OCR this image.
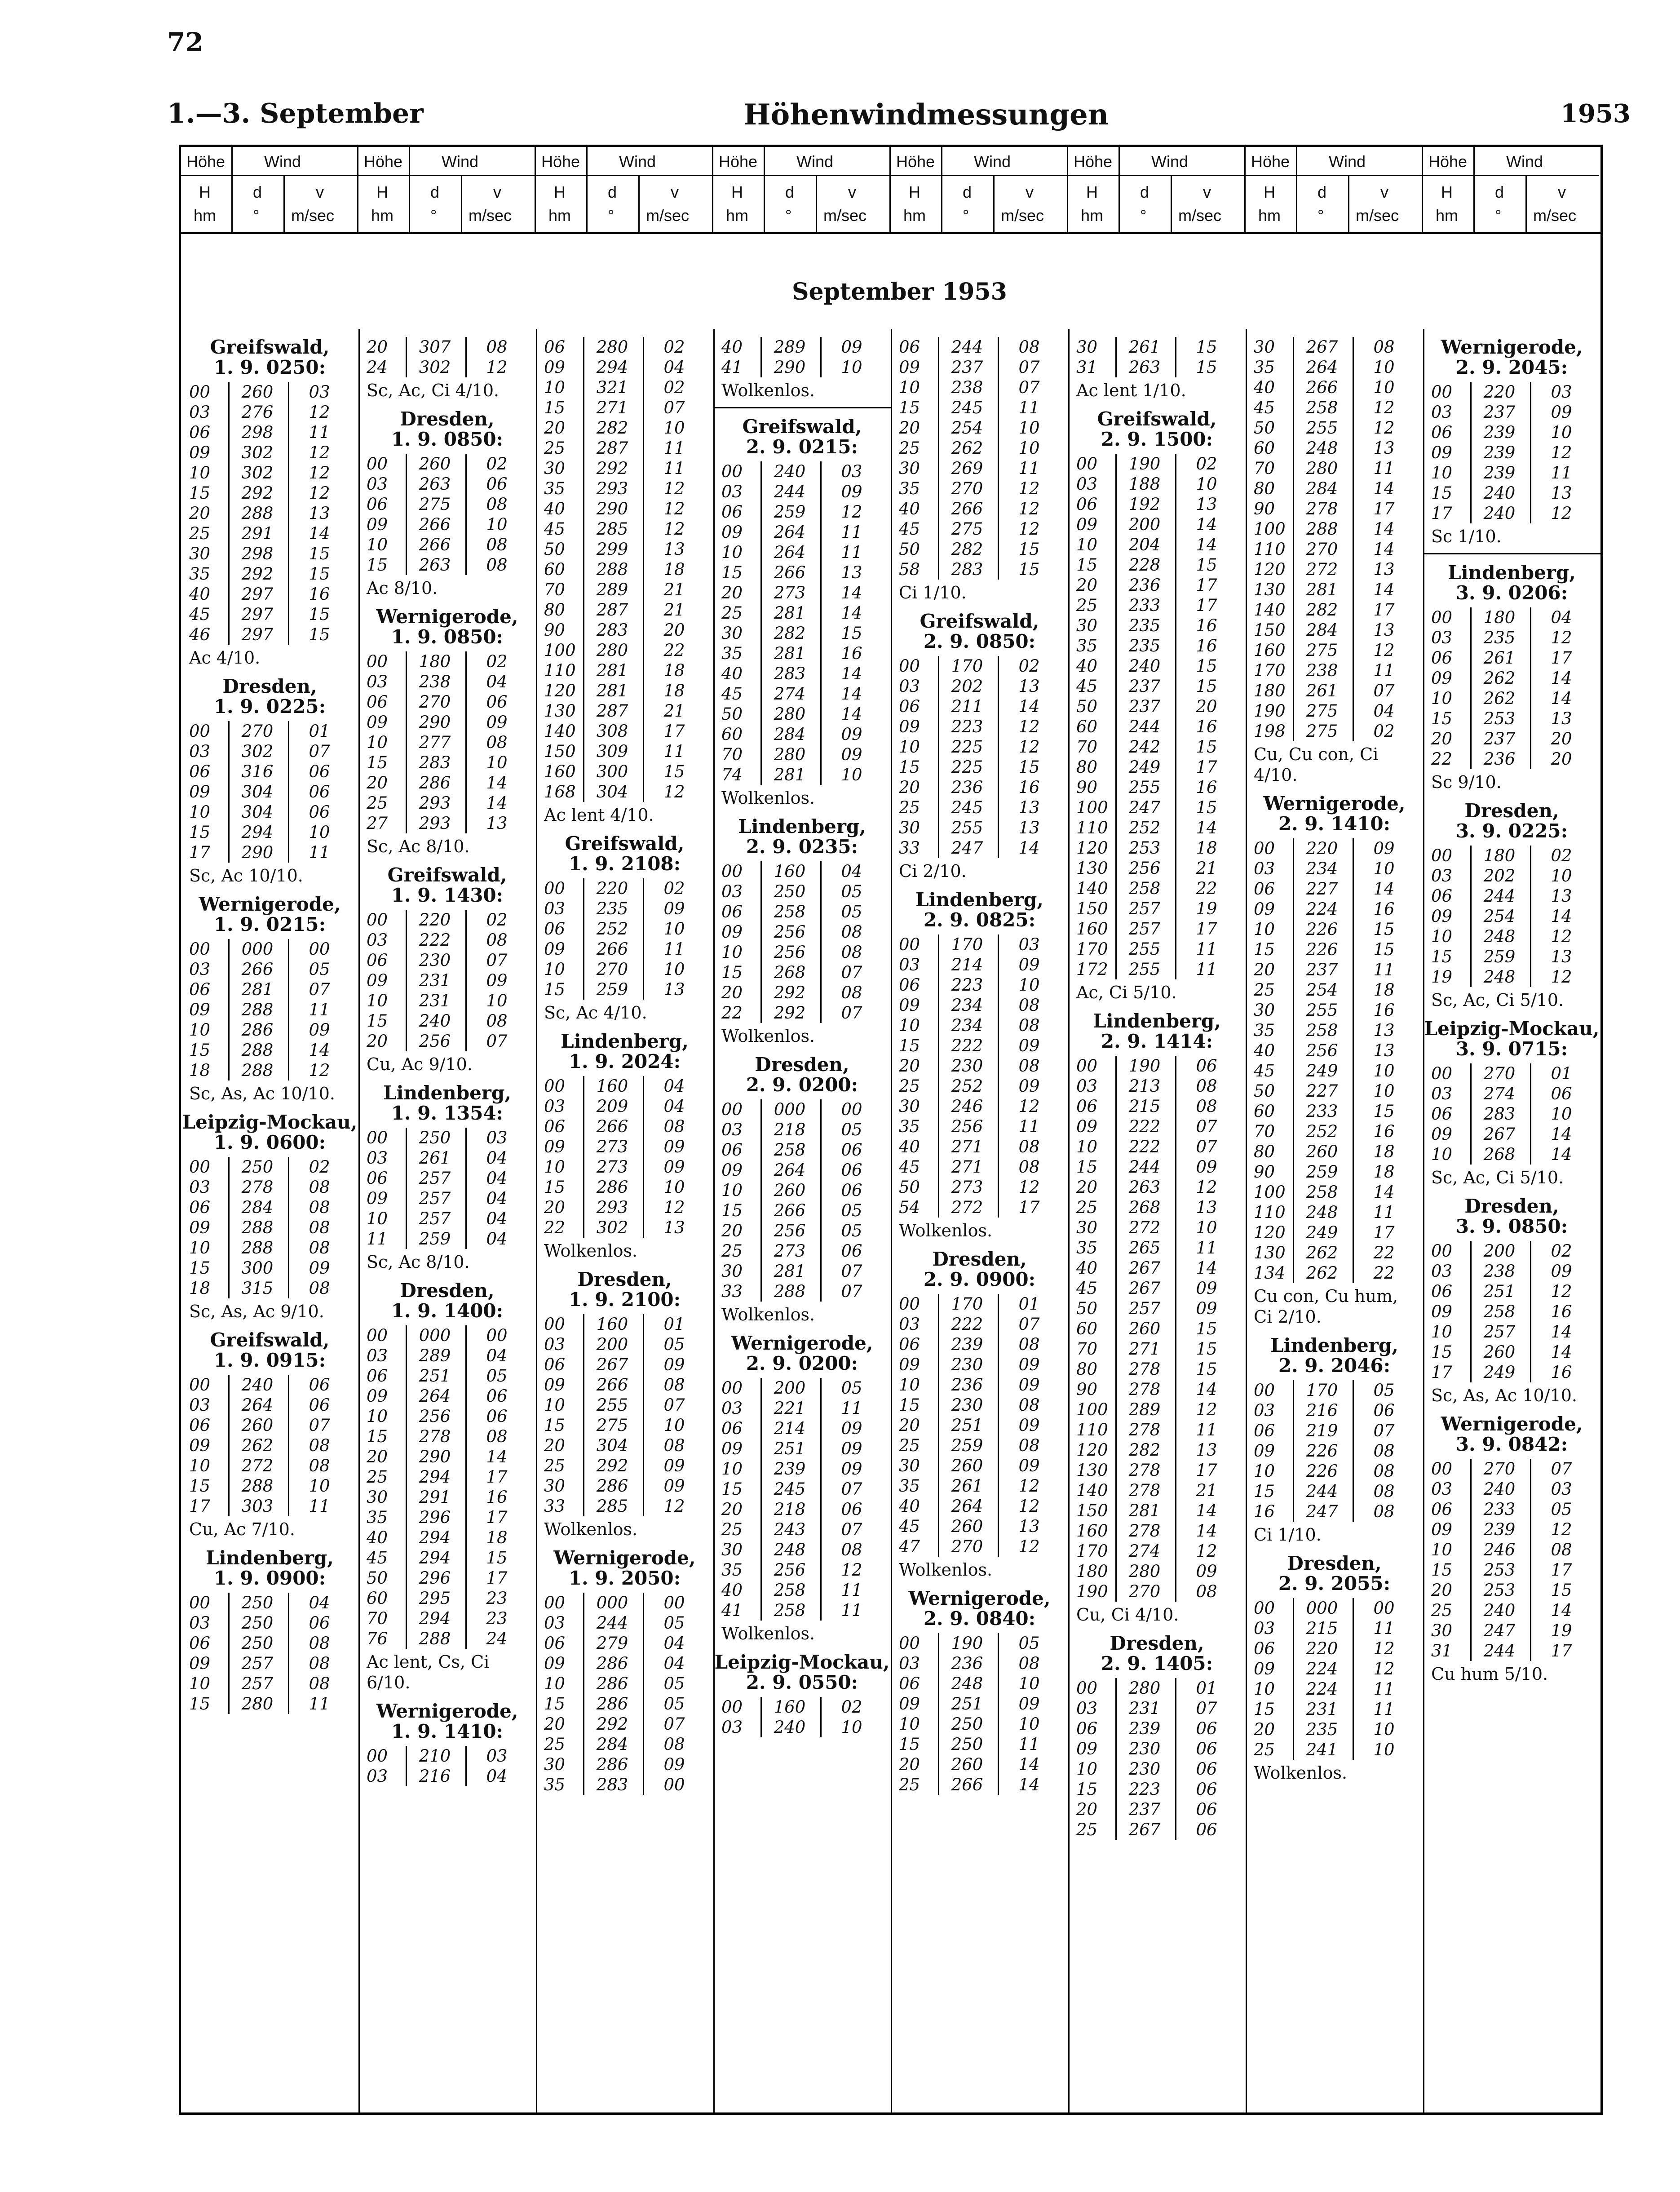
72
1.—3. September	Höhenwindmessungen	1953
Höhe Wind
H	d	v
hm ° m/sec
Höhe Wind
H	d	v
hm ° m/sec
Höhe Wind
H	d	v
hm ° m/sec
Höhe Wind
H	d	v
hm ° m/sec
Höhe Wind
H	d	v
hm ° m/sec
Höhe Wind
H	d	v
hm ° m/sec
Höhe Wind
H	d	v
hm ° m/sec
Höhe Wind
H	d	v
hm ° m/sec
September 1953
Greifswald,
1. 9. 0250:
00	260	03
03	276	12
06	298	11
09	302	12
10	302	12
15	292	12
20	288	13
25	291	14
30	298	15
35	292	15
40	297	16
45	297	15
46	297	15
Ac 4/10.
Dresden,
1. 9. 0225:
00	270	01
03	302	07
06	316	06
09	304	06
10	304	06
15	294	10
17	290	11
Sc, Ac 10/10.
Wernigerode,
1. 9. 0215:
00	000	00
03	266	05
06	281	07
09	288	11
10	286	09
15	288	14
18	288	12
Sc, As, Ac 10/10.
Leipzig-Mockau,
1. 9. 0600:
00	250	02
03	278	08
06	284	08
09	288	08
10	288	08
15	300	09
18	315	08
Sc, As, Ac 9/10.
Greifswald,
1. 9. 0915:
00	240	06
03	264	06
06	260	07
09	262	08
10	272	08
15	288	10
17	303	11
Cu, Ac 7/10.
Lindenberg,
1. 9. 0900:
00	250	04
03	250	06
06	250	08
09	257	08
10	257	08
15	280	11
20	307	08
24	302	12
Sc, Ac, Ci 4/10.
Dresden,
1. 9. 0850:
00	260	02
03	263	06
06	275	08
09	266	10
10	266	08
15	263	08
Ac 8/10.
Wernigerode,
1. 9. 0850:
00	180	02
03	238	04
06	270	06
09	290	09
10	277	08
15	283	10
20	286	14
25	293	14
27	293	13
Sc, Ac 8/10.
Greifswald,
1. 9. 1430:
00	220	02
03	222	08
06	230	07
09	231	09
10	231	10
15	240	08
20	256	07
Cu, Ac 9/10.
Lindenberg,
1. 9. 1354:
00	250	03
03	261	04
06	257	04
09	257	04
10	257	04
11	259	04
Sc, Ac 8/10.
Dresden,
1. 9. 1400:
00	000	00
03	289	04
06	251	05
09	264	06
10	256	06
15	278	08
20	290	14
25	294	17
30	291	16
35	296	17
40	294	18
45	294	15
50	296	17
60	295	23
70	294	23
76	288	24
Ac lent, Cs, Ci 6/10.
Wernigerode,
1. 9. 1410:
00	210	03
03	216	04
06	280	02
09	294	04
10	321	02
15	271	07
20	282	10
25	287	11
30	292	11
35	293	12
40	290	12
45	285	12
50	299	13
60	288	18
70	289	21
80	287	21
90	283	20
100	280	22
110	281	18
120	281	18
130	287	21
140	308	17
150	309	11
160	300	15
168	304	12
Ac lent 4/10.
Greifswald,
1. 9. 2108:
00	220	02
03	235	09
06	252	10
09	266	11
10	270	10
15	259	13
Sc, Ac 4/10.
Lindenberg,
1. 9. 2024:
00	160	04
03	209	04
06	266	08
09	273	09
10	273	09
15	286	10
20	293	12
22	302	13
Wolkenlos.
Dresden,
1. 9. 2100:
00	160	01
03	200	05
06	267	09
09	266	08
10	255	07
15	275	10
20	304	08
25	292	09
30	286	09
33	285	12
Wolkenlos.
Wernigerode,
1. 9. 2050:
00	000	00
03	244	05
06	279	04
09	286	04
10	286	05
15	286	05
20	292	07
25	284	08
30	286	09
35	283	00
40	289	09
41	290	10
Wolkenlos.
Greifswald,
2. 9. 0215:
00	240	03
03	244	09
06	259	12
09	264	11
10	264	11
15	266	13
20	273	14
25	281	14
30	282	15
35	281	16
40	283	14
45	274	14
50	280	14
60	284	09
70	280	09
74	281	10
Wolkenlos.
Lindenberg,
2. 9. 0235:
00	160	04
03	250	05
06	258	05
09	256	08
10	256	08
15	268	07
20	292	08
22	292	07
Wolkenlos.
Dresden,
2. 9. 0200:
00	000	00
03	218	05
06	258	06
09	264	06
10	260	06
15	266	05
20	256	05
25	273	06
30	281	07
33	288	07
Wolkenlos.
Wernigerode,
2. 9. 0200:
00	200	05
03	221	11
06	214	09
09	251	09
10	239	09
15	245	07
20	218	06
25	243	07
30	248	08
35	256	12
40	258	11
41	258	11
Wolkenlos.
Leipzig-Mockau,
2. 9. 0550:
00	160	02
03	240	10
06	244	08
09	237	07
10	238	07
15	245	11
20	254	10
25	262	10
30	269	11
35	270	12
40	266	12
45	275	12
50	282	15
58	283	15
Ci 1/10.
Greifswald,
2. 9. 0850:
00	170	02
03	202	13
06	211	14
09	223	12
10	225	12
15	225	15
20	236	16
25	245	13
30	255	13
33	247	14
Ci 2/10.
Lindenberg,
2. 9. 0825:
00	170	03
03	214	09
06	223	10
09	234	08
10	234	08
15	222	09
20	230	08
25	252	09
30	246	12
35	256	11
40	271	08
45	271	08
50	273	12
54	272	17
Wolkenlos.
Dresden,
2. 9. 0900:
00	170	01
03	222	07
06	239	08
09	230	09
10	236	09
15	230	08
20	251	09
25	259	08
30	260	09
35	261	12
40	264	12
45	260	13
47	270	12
Wolkenlos.
Wernigerode,
2. 9. 0840:
00	190	05
03	236	08
06	248	10
09	251	09
10	250	10
15	250	11
20	260	14
25	266	14
30	261	15
31	263	15
Ac lent 1/10.
Greifswald,
2. 9. 1500:
00	190	02
03	188	10
06	192	13
09	200	14
10	204	14
15	228	15
20	236	17
25	233	17
30	235	16
35	235	16
40	240	15
45	237	15
50	237	20
60	244	16
70	242	15
80	249	17
90	255	16
100	247	15
110	252	14
120	253	18
130	256	21
140	258	22
150	257	19
160	257	17
170	255	11
172	255	11
Ac, Ci 5/10.
Lindenberg,
2. 9. 1414:
00	190	06
03	213	08
06	215	08
09	222	07
10	222	07
15	244	09
20	263	12
25	268	13
30	272	10
35	265	11
40	267	14
45	267	09
50	257	09
60	260	15
70	271	15
80	278	15
90	278	14
100	289	12
110	278	11
120	282	13
130	278	17
140	278	21
150	281	14
160	278	14
170	274	12
180	280	09
190	270	08
Cu, Ci 4/10.
Dresden,
2. 9. 1405:
00	280	01
03	231	07
06	239	06
09	230	06
10	230	06
15	223	06
20	237	06
25	267	06
30	267	08
35	264	10
40	266	10
45	258	12
50	255	12
60	248	13
70	280	11
80	284	14
90	278	17
100	288	14
110	270	14
120	272	13
130	281	14
140	282	17
150	284	13
160	275	12
170	238	11
180	261	07
190	275	04
198	275	02
Cu, Cu con, Ci 4/10.
Wernigerode,
2. 9. 1410:
00	220	09
03	234	10
06	227	14
09	224	16
10	226	15
15	226	15
20	237	11
25	254	18
30	255	16
35	258	13
40	256	13
45	249	10
50	227	10
60	233	15
70	252	16
80	260	18
90	259	18
100	258	14
110	248	11
120	249	17
130	262	22
134	262	22
Cu con, Cu hum, Ci 2/10.
Lindenberg,
2. 9. 2046:
00	170	05
03	216	06
06	219	07
09	226	08
10	226	08
15	244	08
16	247	08
Ci 1/10.
Dresden,
2. 9. 2055:
00	000	00
03	215	11
06	220	12
09	224	12
10	224	11
15	231	11
20	235	10
25	241	10
Wolkenlos.
Wernigerode,
2. 9. 2045:
00	220	03
03	237	09
06	239	10
09	239	12
10	239	11
15	240	13
17	240	12
Sc 1/10.
Lindenberg,
3. 9. 0206:
00	180	04
03	235	12
06	261	17
09	262	14
10	262	14
15	253	13
20	237	20
22	236	20
Sc 9/10.
Dresden,
3. 9. 0225:
00	180	02
03	202	10
06	244	13
09	254	14
10	248	12
15	259	13
19	248	12
Sc, Ac, Ci 5/10.
Leipzig-Mockau,
3. 9. 0715:
00	270	01
03	274	06
06	283	10
09	267	14
10	268	14
Sc, Ac, Ci 5/10.
Dresden,
3. 9. 0850:
00	200	02
03	238	09
06	251	12
09	258	16
10	257	14
15	260	14
17	249	16
Sc, As, Ac 10/10.
Wernigerode,
3. 9. 0842:
00	270	07
03	240	03
06	233	05
09	239	12
10	246	08
15	253	17
20	253	15
25	240	14
30	247	19
31	244	17
Cu hum 5/10.
